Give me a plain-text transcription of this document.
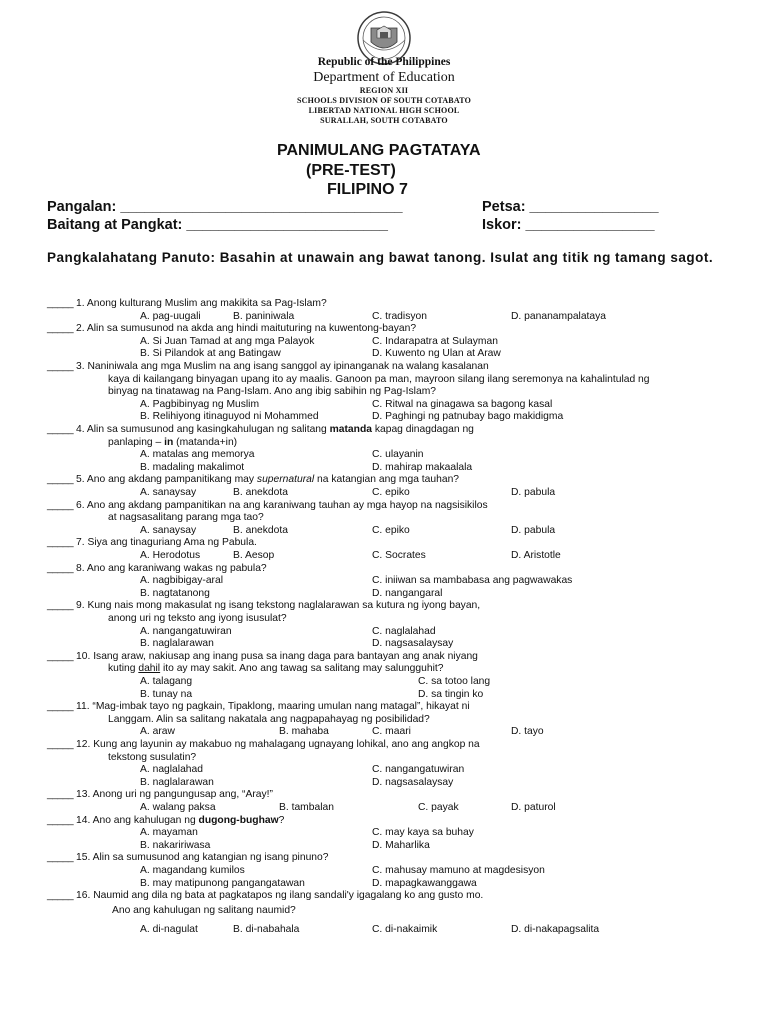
Republic of the Philippines
Department of Education
REGION XII
SCHOOLS DIVISION OF SOUTH COTABATO
LIBERTAD NATIONAL HIGH SCHOOL
SURALLAH, SOUTH COTABATO
PANIMULANG PAGTATAYA
(PRE-TEST)
FILIPINO 7
Pangalan: ___________________________________	Petsa: ________________
Baitang at Pangkat: _________________________	Iskor: ________________
Pangkalahatang Panuto: Basahin at unawain ang bawat tanong. Isulat ang titik ng tamang sagot.
_____ 1. Anong kulturang Muslim ang makikita sa Pag-Islam?
A. pag-uugali	B. paniniwala	C. tradisyon	D. pananampalataya
_____ 2. Alin sa sumusunod na akda ang hindi maituturing na kuwentong-bayan?
A. Si Juan Tamad at ang mga Palayok	C. Indarapatra at Sulayman
B. Si Pilandok at ang Batingaw	D. Kuwento ng Ulan at Araw
_____ 3. Naniniwala ang mga Muslim na ang isang sanggol ay ipinanganak na walang kasalanan
kaya di kailangang binyagan upang ito ay maalis. Ganoon pa man, mayroon silang ilang seremonya na kahalintulad ng
binyag na tinatawag na Pang-Islam. Ano ang ibig sabihin ng Pag-Islam?
A. Pagbibinyag ng Muslim	C. Ritwal na ginagawa sa bagong kasal
B. Relihiyong itinaguyod ni Mohammed	D. Paghingi ng patnubay bago makidigma
_____ 4. Alin sa sumusunod ang kasingkahulugan ng salitang matanda kapag dinagdagan ng
panlaping – in (matanda+in)
A. matalas ang memorya	C. ulayanin
B. madaling makalimot	D. mahirap makaalala
_____ 5. Ano ang akdang pampanitikang may supernatural na katangian ang mga tauhan?
A. sanaysay	B. anekdota	C. epiko	D. pabula
_____ 6. Ano ang akdang pampanitikan na ang karaniwang tauhan ay mga hayop na nagsisikilos
at nagsasalitang parang mga tao?
A. sanaysay	B. anekdota	C. epiko	D. pabula
_____ 7. Siya ang tinaguriang Ama ng Pabula.
A. Herodotus	B. Aesop	C. Socrates	D. Aristotle
_____ 8. Ano ang karaniwang wakas ng pabula?
A. nagbibigay-aral	C. iniiwan sa mambabasa ang pagwawakas
B. nagtatanong	D. nangangaral
_____ 9. Kung nais mong makasulat ng isang tekstong naglalarawan sa kutura ng iyong bayan,
anong uri ng teksto ang iyong isusulat?
A. nangangatuwiran	C. naglalahad
B. naglalarawan	D. nagsasalaysay
_____ 10. Isang araw, nakiusap ang inang pusa sa inang daga para bantayan ang anak niyang
kuting dahil ito ay may sakit. Ano ang tawag sa salitang may salungguhit?
A. talagang	C. sa totoo lang
B. tunay na	D. sa tingin ko
_____ 11. “Mag-imbak tayo ng pagkain, Tipaklong, maaring umulan nang matagal”, hikayat ni
Langgam. Alin sa salitang nakatala ang nagpapahayag ng posibilidad?
A. araw	B. mahaba	C. maari	D. tayo
_____ 12. Kung ang layunin ay makabuo ng mahalagang ugnayang lohikal, ano ang angkop na
tekstong susulatin?
A. naglalahad	C. nangangatuwiran
B. naglalarawan	D. nagsasalaysay
_____ 13. Anong uri ng pangungusap ang, “Aray!”
A. walang paksa	B. tambalan	C. payak	D. paturol
_____ 14. Ano ang kahulugan ng dugong-bughaw?
A. mayaman	C. may kaya sa buhay
B. nakaririwasa	D. Maharlika
_____ 15. Alin sa sumusunod ang katangian ng isang pinuno?
A. magandang kumilos	C. mahusay mamuno at magdesisyon
B. may matipunong pangangatawan	D. mapagkawanggawa
_____ 16. Naumid ang dila ng bata at pagkatapos ng ilang sandali'y igagalang ko ang gusto mo.
Ano ang kahulugan ng salitang naumid?
A. di-nagulat	B. di-nabahala	C. di-nakaimik	D. di-nakapagsalita
